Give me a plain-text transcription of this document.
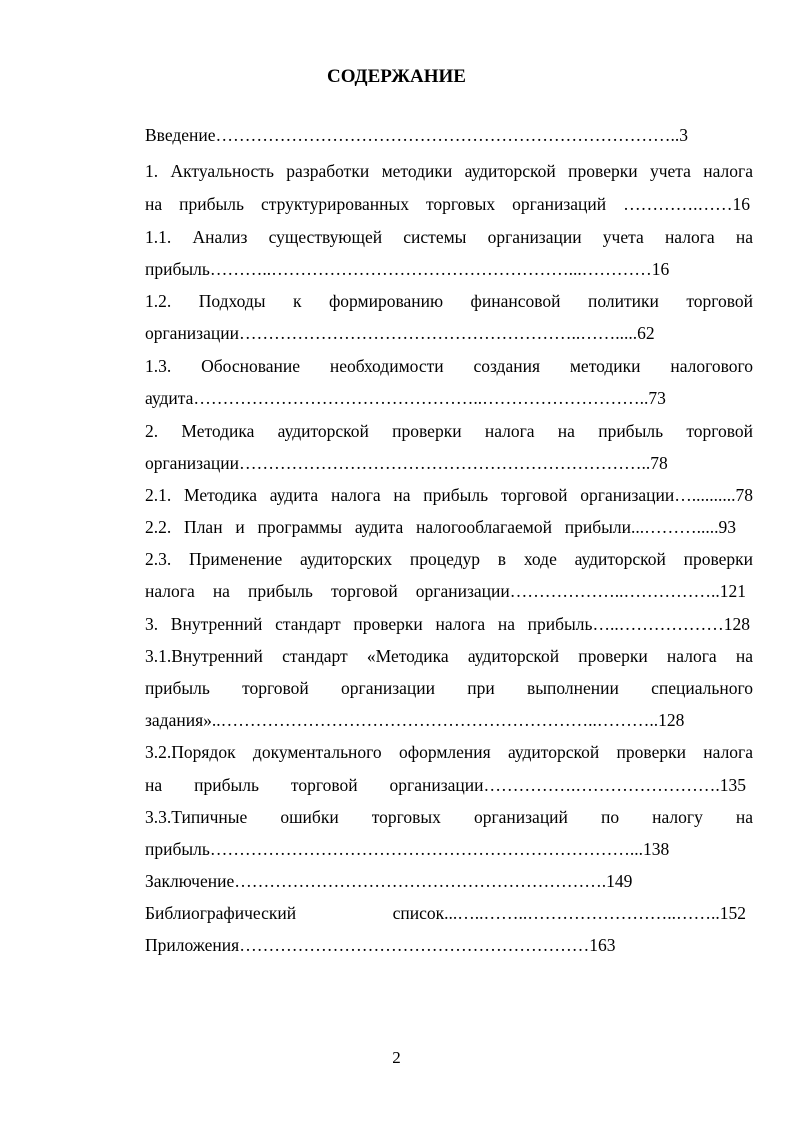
СОДЕРЖАНИЕ
Введение……………………………………………………………………..3
1. Актуальность разработки методики аудиторской проверки учета налога
на прибыль структурированных торговых организаций ………….……16
1.1. Анализ существующей системы организации учета налога на
прибыль………..……………………………………………...…………16
1.2. Подходы к формированию финансовой политики торговой
организации…………………………………………………..…….....62
1.3. Обоснование необходимости создания методики налогового
аудита…………………………………………..………………………..73
2. Методика аудиторской проверки налога на прибыль торговой
организации……………………………………………………………..78
2.1. Методика аудита налога на прибыль торговой организации…..........78
2.2. План и программы аудита налогооблагаемой прибыли...……….....93
2.3. Применение аудиторских процедур в ходе аудиторской проверки
налога на прибыль торговой организации………………..……………..121
3. Внутренний стандарт проверки налога на прибыль…..………………128
3.1.Внутренний стандарт «Методика аудиторской проверки налога на
прибыль торговой организации при выполнении специального
задания»..………………………………………………………..………..128
3.2.Порядок документального оформления аудиторской проверки налога
на прибыль торговой организации…………….…………………….135
3.3.Типичные ошибки торговых организаций по налогу на
прибыль………………………………………………………………...138
Заключение……………………………………………………….149
Библиографический список...…..……..……………………..……..152
Приложения……………………………………………………163
2
